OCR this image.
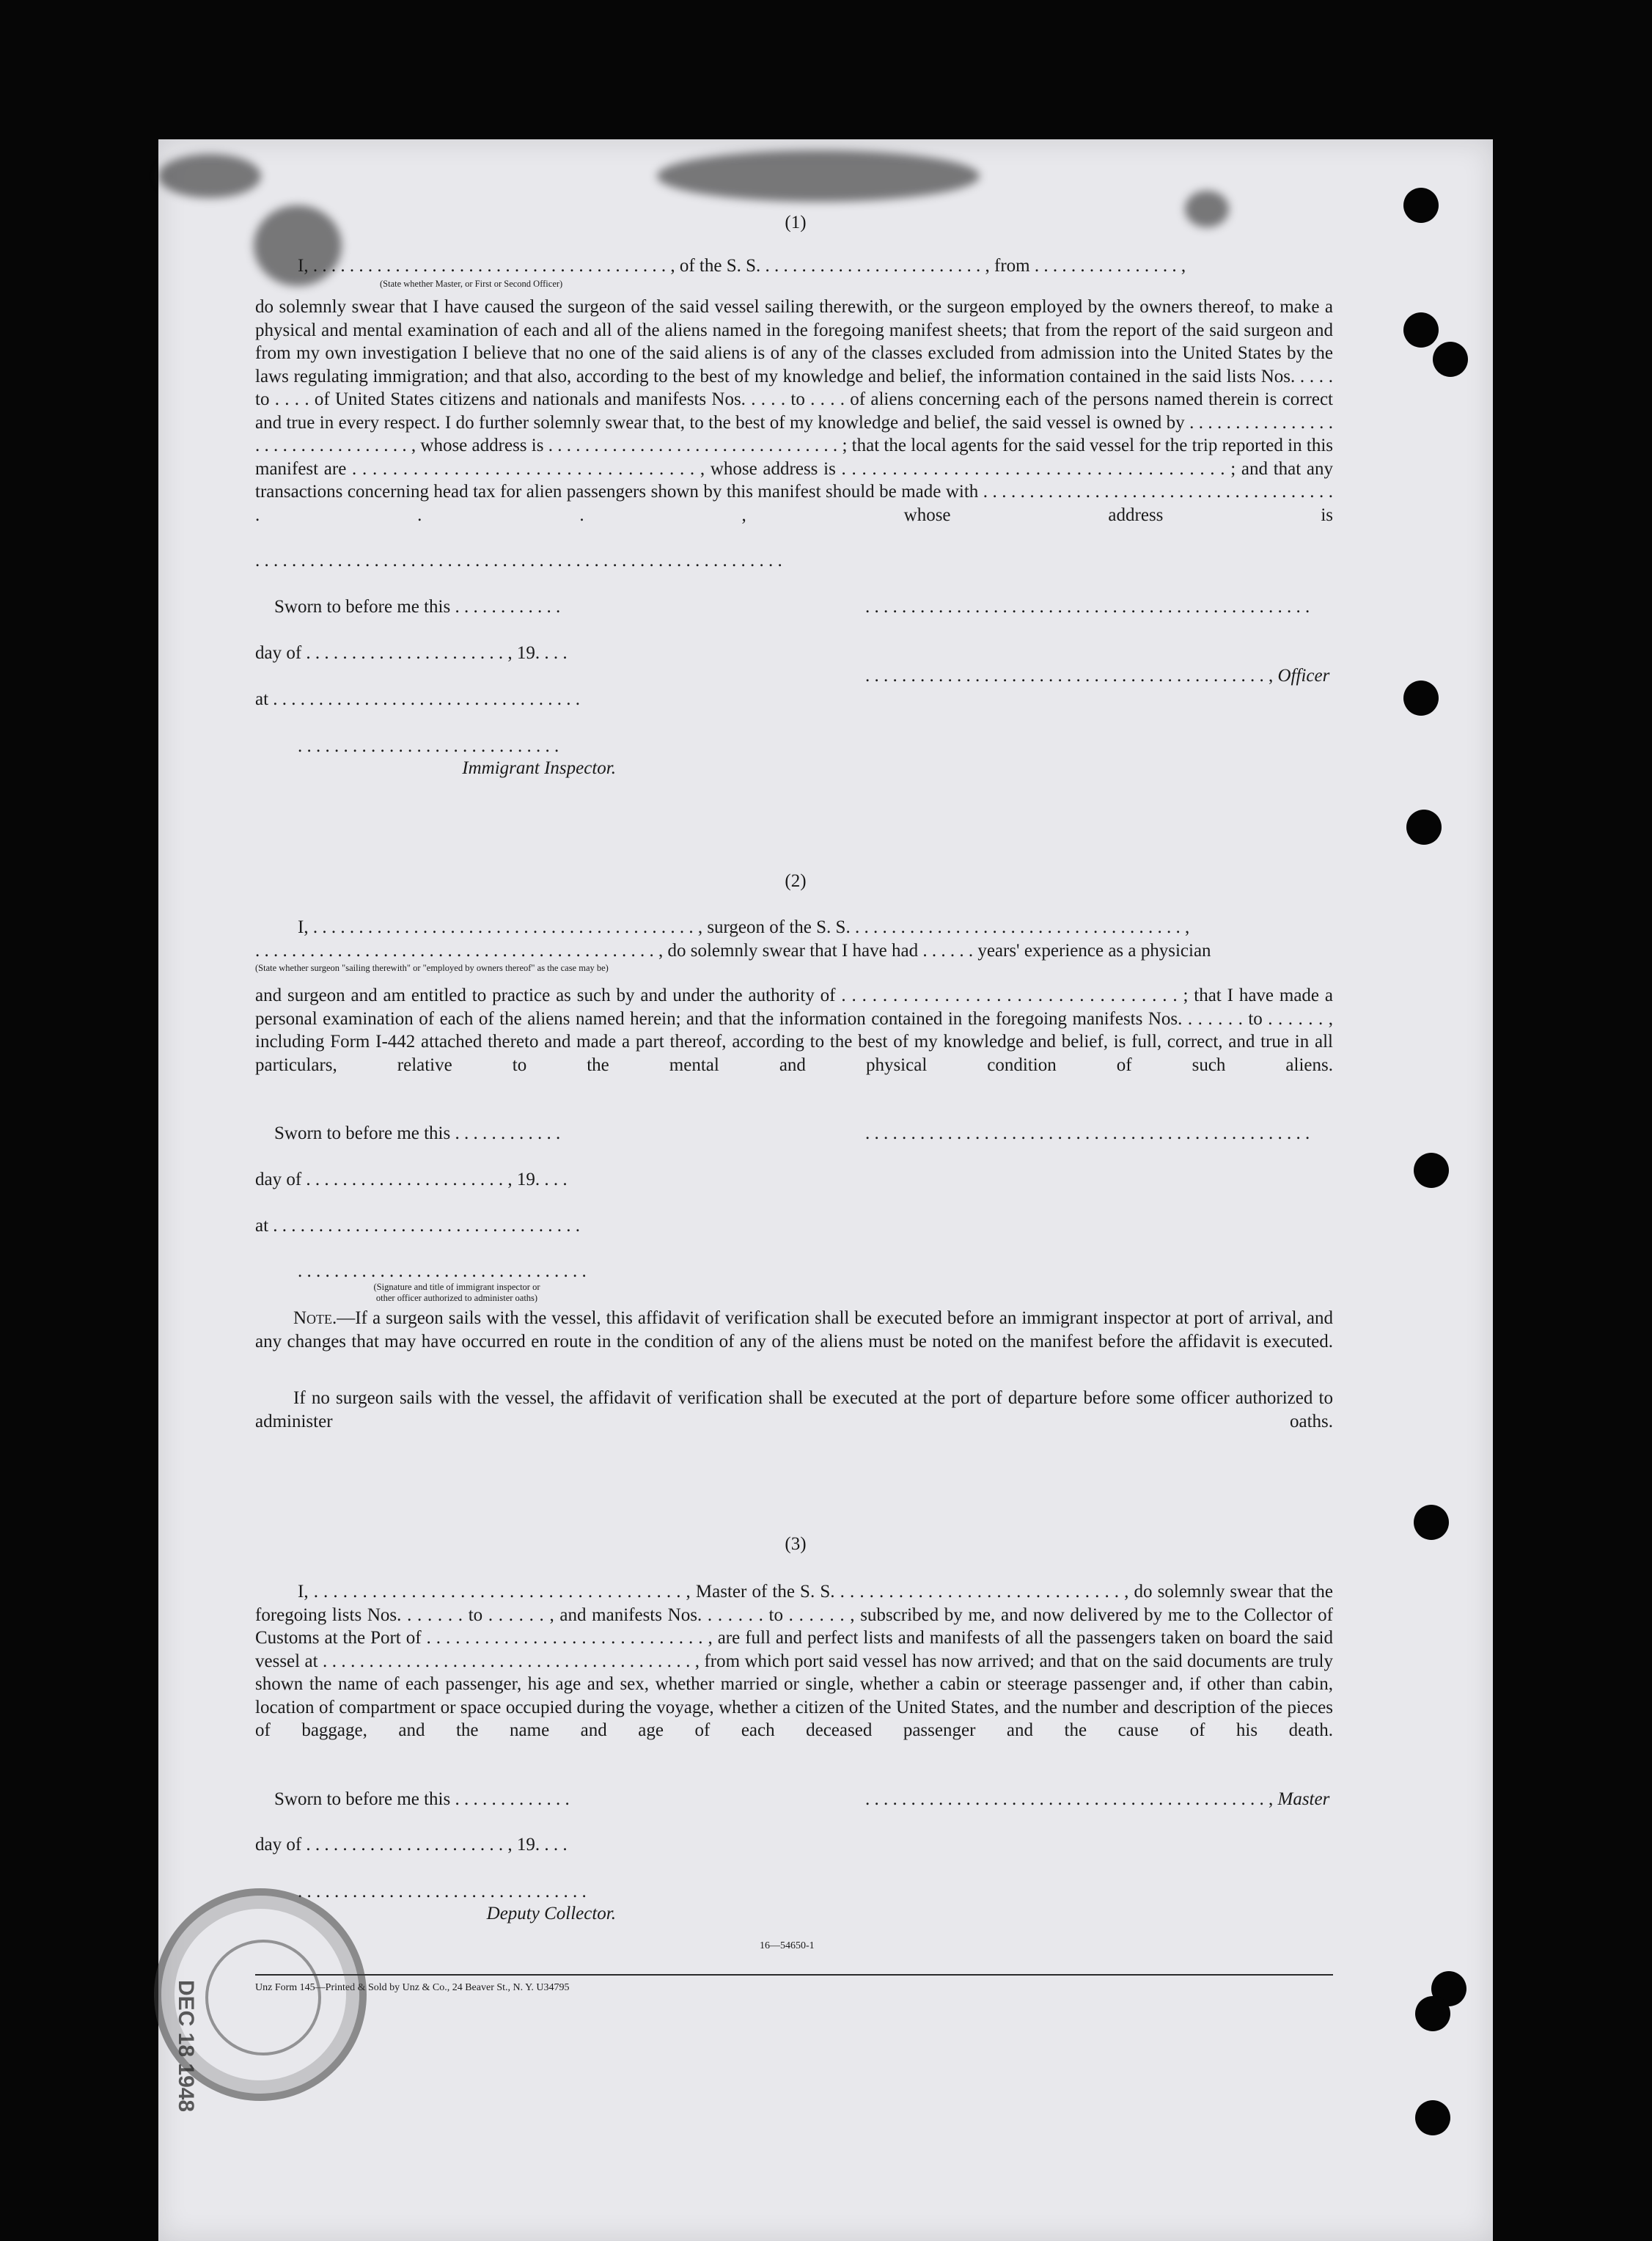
(1)
I, . . . . . . . . . . . . . . . . . . . . . . . . . . . . . . . . . . . . . . . , of the S. S. . . . . . . . . . . . . . . . . . . . . . . . . , from . . . . . . . . . . . . . . . . ,
(State whether Master, or First or Second Officer)
do solemnly swear that I have caused the surgeon of the said vessel sailing therewith, or the surgeon employed by the owners thereof, to make a physical and mental examination of each and all of the aliens named in the foregoing manifest sheets; that from the report of the said surgeon and from my own investigation I believe that no one of the said aliens is of any of the classes excluded from admission into the United States by the laws regulating immigration; and that also, according to the best of my knowledge and belief, the information contained in the said lists Nos. . . . . to . . . . of United States citizens and nationals and manifests Nos. . . . . to . . . . of aliens concerning each of the persons named therein is correct and true in every respect. I do further solemnly swear that, to the best of my knowledge and belief, the said vessel is owned by . . . . . . . . . . . . . . . . . . . . . . . . . . . . . . . . . , whose address is . . . . . . . . . . . . . . . . . . . . . . . . . . . . . . . . ; that the local agents for the said vessel for the trip reported in this manifest are . . . . . . . . . . . . . . . . . . . . . . . . . . . . . . . . . . , whose address is . . . . . . . . . . . . . . . . . . . . . . . . . . . . . . . . . . . . . . ; and that any transactions concerning head tax for alien passengers shown by this manifest should be made with . . . . . . . . . . . . . . . . . . . . . . . . . . . . . . . . . . . . . . . . . , whose address is
. . . . . . . . . . . . . . . . . . . . . . . . . . . . . . . . . . . . . . . . . . . . . . . . . . . . . . . . . .
Sworn to before me this . . . . . . . . . . . .	. . . . . . . . . . . . . . . . . . . . . . . . . . . . . . . . . . . . . . . . . . . . . . . . .
day of . . . . . . . . . . . . . . . . . . . . . . , 19. . . .
. . . . . . . . . . . . . . . . . . . . . . . . . . . . . . . . . . . . . . . . . . . . , Officer
at . . . . . . . . . . . . . . . . . . . . . . . . . . . . . . . . . .
. . . . . . . . . . . . . . . . . . . . . . . . . . . . .
Immigrant Inspector.
(2)
I, . . . . . . . . . . . . . . . . . . . . . . . . . . . . . . . . . . . . . . . . . . , surgeon of the S. S. . . . . . . . . . . . . . . . . . . . . . . . . . . . . . . . . . . . . ,
. . . . . . . . . . . . . . . . . . . . . . . . . . . . . . . . . . . . . . . . . . . . , do solemnly swear that I have had . . . . . . years' experience as a physician
(State whether surgeon "sailing therewith" or "employed by owners thereof" as the case may be)
and surgeon and am entitled to practice as such by and under the authority of . . . . . . . . . . . . . . . . . . . . . . . . . . . . . . . . . ; that I have made a personal examination of each of the aliens named herein; and that the information contained in the foregoing manifests Nos. . . . . . . to . . . . . . , including Form I-442 attached thereto and made a part thereof, according to the best of my knowledge and belief, is full, correct, and true in all particulars, relative to the mental and physical condition of such aliens.
Sworn to before me this . . . . . . . . . . . .	. . . . . . . . . . . . . . . . . . . . . . . . . . . . . . . . . . . . . . . . . . . . . . . . .
day of . . . . . . . . . . . . . . . . . . . . . . , 19. . . .
at . . . . . . . . . . . . . . . . . . . . . . . . . . . . . . . . . .
. . . . . . . . . . . . . . . . . . . . . . . . . . . . . . . .
(Signature and title of immigrant inspector or
other officer authorized to administer oaths)
Note.—If a surgeon sails with the vessel, this affidavit of verification shall be executed before an immigrant inspector at port of arrival, and any changes that may have occurred en route in the condition of any of the aliens must be noted on the manifest before the affidavit is executed.
If no surgeon sails with the vessel, the affidavit of verification shall be executed at the port of departure before some officer authorized to administer oaths.
(3)
I, . . . . . . . . . . . . . . . . . . . . . . . . . . . . . . . . . . . . . . , Master of the S. S. . . . . . . . . . . . . . . . . . . . . . . . . . . . . . , do solemnly swear that the foregoing lists Nos. . . . . . . to . . . . . . , and manifests Nos. . . . . . . to . . . . . . , subscribed by me, and now delivered by me to the Collector of Customs at the Port of . . . . . . . . . . . . . . . . . . . . . . . . . . . . . , are full and perfect lists and manifests of all the passengers taken on board the said vessel at . . . . . . . . . . . . . . . . . . . . . . . . . . . . . . . . . . . . . . . . , from which port said vessel has now arrived; and that on the said documents are truly shown the name of each passenger, his age and sex, whether married or single, whether a cabin or steerage passenger and, if other than cabin, location of compartment or space occupied during the voyage, whether a citizen of the United States, and the number and description of the pieces of baggage, and the name and age of each deceased passenger and the cause of his death.
Sworn to before me this . . . . . . . . . . . . .	. . . . . . . . . . . . . . . . . . . . . . . . . . . . . . . . . . . . . . . . . . . . , Master
day of . . . . . . . . . . . . . . . . . . . . . . , 19. . . .
. . . . . . . . . . . . . . . . . . . . . . . . . . . . . . . .
Deputy Collector.
16—54650-1
Unz Form 145—Printed & Sold by Unz & Co., 24 Beaver St., N. Y. U34795
DEC 18 1948
